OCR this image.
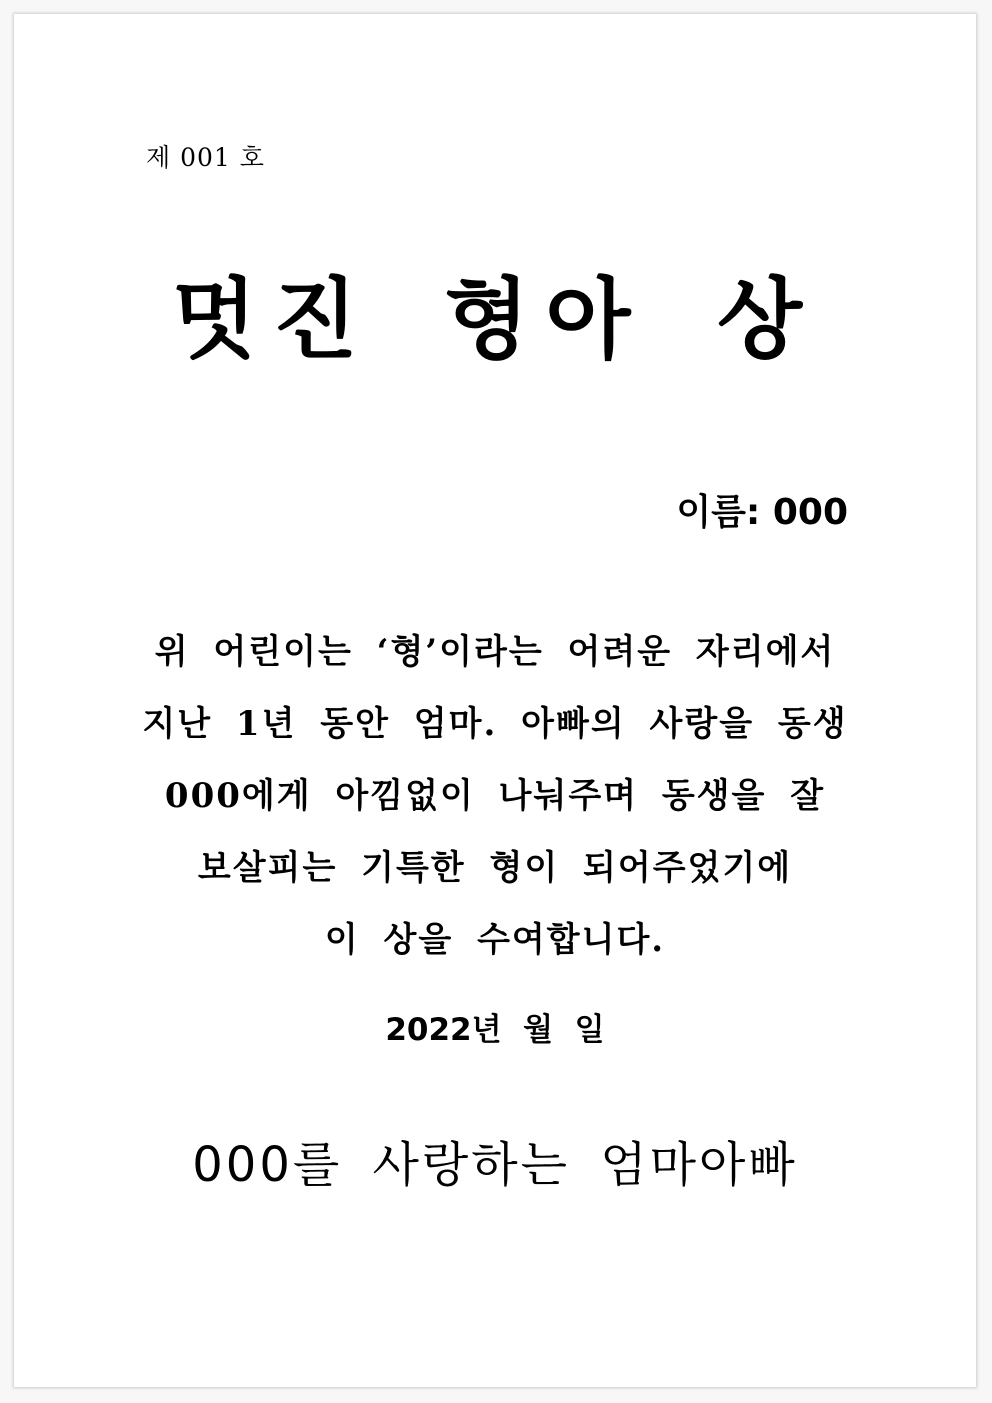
제 001 호
멋진 형아 상
이름: 000
위 어린이는 ‘형’이라는 어려운 자리에서
지난 1년 동안 엄마. 아빠의 사랑을 동생
000에게 아낌없이 나눠주며 동생을 잘
보살피는 기특한 형이 되어주었기에
이 상을 수여합니다.
2022년  월  일
000를 사랑하는 엄마아빠
